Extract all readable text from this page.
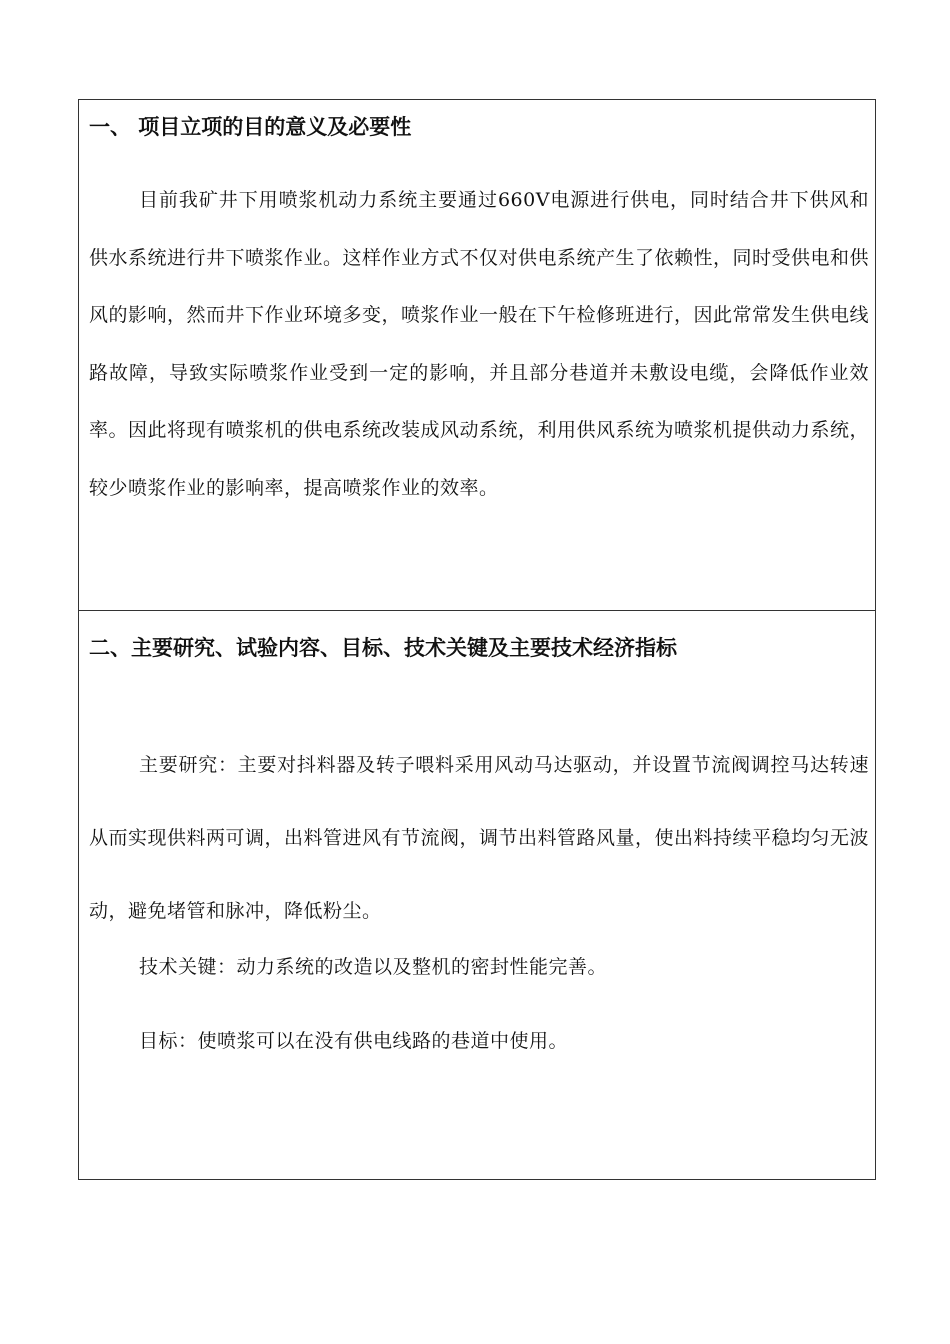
一、 项目立项的目的意义及必要性
目前我矿井下用喷浆机动力系统主要通过660V电源进行供电，同时结合井下供风和供水系统进行井下喷浆作业。这样作业方式不仅对供电系统产生了依赖性，同时受供电和供风的影响，然而井下作业环境多变，喷浆作业一般在下午检修班进行，因此常常发生供电线路故障，导致实际喷浆作业受到一定的影响，并且部分巷道并未敷设电缆，会降低作业效率。因此将现有喷浆机的供电系统改装成风动系统，利用供风系统为喷浆机提供动力系统，较少喷浆作业的影响率，提高喷浆作业的效率。
二、主要研究、试验内容、目标、技术关键及主要技术经济指标
主要研究：主要对抖料器及转子喂料采用风动马达驱动，并设置节流阀调控马达转速从而实现供料两可调，出料管进风有节流阀，调节出料管路风量，使出料持续平稳均匀无波动，避免堵管和脉冲，降低粉尘。
技术关键：动力系统的改造以及整机的密封性能完善。
目标：使喷浆可以在没有供电线路的巷道中使用。
